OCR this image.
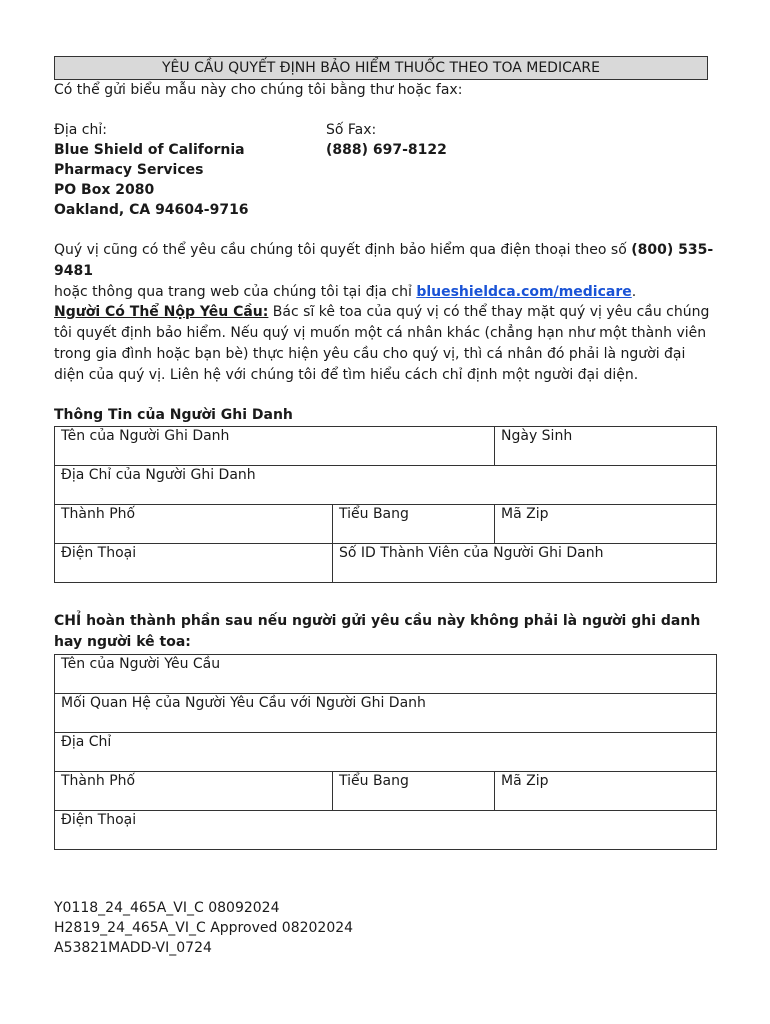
YÊU CẦU QUYẾT ĐỊNH BẢO HIỂM THUỐC THEO TOA MEDICARE
Có thể gửi biểu mẫu này cho chúng tôi bằng thư hoặc fax:
Địa chỉ:	Số Fax:
Blue Shield of California	(888) 697-8122
Pharmacy Services
PO Box 2080
Oakland, CA 94604-9716
Quý vị cũng có thể yêu cầu chúng tôi quyết định bảo hiểm qua điện thoại theo số (800) 535-9481
hoặc thông qua trang web của chúng tôi tại địa chỉ blueshieldca.com/medicare.
Người Có Thể Nộp Yêu Cầu: Bác sĩ kê toa của quý vị có thể thay mặt quý vị yêu cầu chúng tôi quyết định bảo hiểm. Nếu quý vị muốn một cá nhân khác (chẳng hạn như một thành viên trong gia đình hoặc bạn bè) thực hiện yêu cầu cho quý vị, thì cá nhân đó phải là người đại diện của quý vị. Liên hệ với chúng tôi để tìm hiểu cách chỉ định một người đại diện.
Thông Tin của Người Ghi Danh
Tên của Người Ghi Danh		Ngày Sinh
Địa Chỉ của Người Ghi Danh		
Thành Phố	Tiểu Bang	Mã Zip
Điện Thoại	Số ID Thành Viên của Người Ghi Danh	
CHỈ hoàn thành phần sau nếu người gửi yêu cầu này không phải là người ghi danh hay người kê toa:
Tên của Người Yêu Cầu
Mối Quan Hệ của Người Yêu Cầu với Người Ghi Danh
Địa Chỉ
Thành Phố	Tiểu Bang	Mã Zip
Điện Thoại
Y0118_24_465A_VI_C 08092024
H2819_24_465A_VI_C Approved 08202024
A53821MADD-VI_0724
